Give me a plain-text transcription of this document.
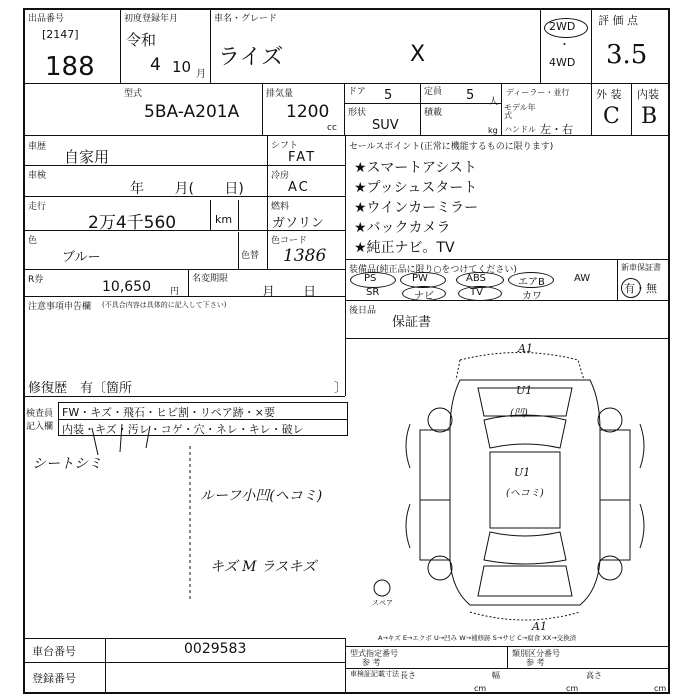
出品番号
[2147]
188
初度登録年月
令和
4 10 月
車名・グレード
ライズ	X
2WD
・
4WD
評 価 点
3.5
外 装 内装
C B
型式
5BA-A201A
排気量
1200
cc
ドア 5
形状
SUV
定員 5 人
積載
kg
ディーラー・並行
モデル年式
ハンドル 左・右
車歴
自家用
車検
年 月( 日)
走行
2万4千560	km
色
ブルー	色替
R券	10,650 円
名変期限
月 日
シフト
FAT
冷房
AC
燃料
ガソリン
色コード
1386
注意事項申告欄 (不具合内容は具体的に記入して下さい)
修復歴 有〔箇所	〕
セールスポイント(正常に機能するものに限ります)
★スマートアシスト
★プッシュスタート
★ウインカーミラー
★バックカメラ
★純正ナビ。TV
装備品(純正品に限り○をつけてください)
PS	PW	ABS	エアB	AW
SR	ナビ	TV	カワ
新車保証書
有・無
後日品
保証書
検査員
記入欄
FW・キズ・飛石・ヒビ割・リペア跡・×要
内装・キズ・汚レ・コゲ・穴・ネレ・キレ・破レ
シートシミ
ルーフ小凹(ヘコミ)
キズ M ラスキズ
A1
U1
(凹)
U1
(ヘコミ)
A1
スペア
A→キズ E→エクボ U→凹み W→補修跡 S→サビ C→腐食 XX→交換済
車台番号	0029583
登録番号
型式指定番号
参 考
類別区分番号
参 考
車検証記載寸法 長さ
cm
幅
cm
高さ
cm
